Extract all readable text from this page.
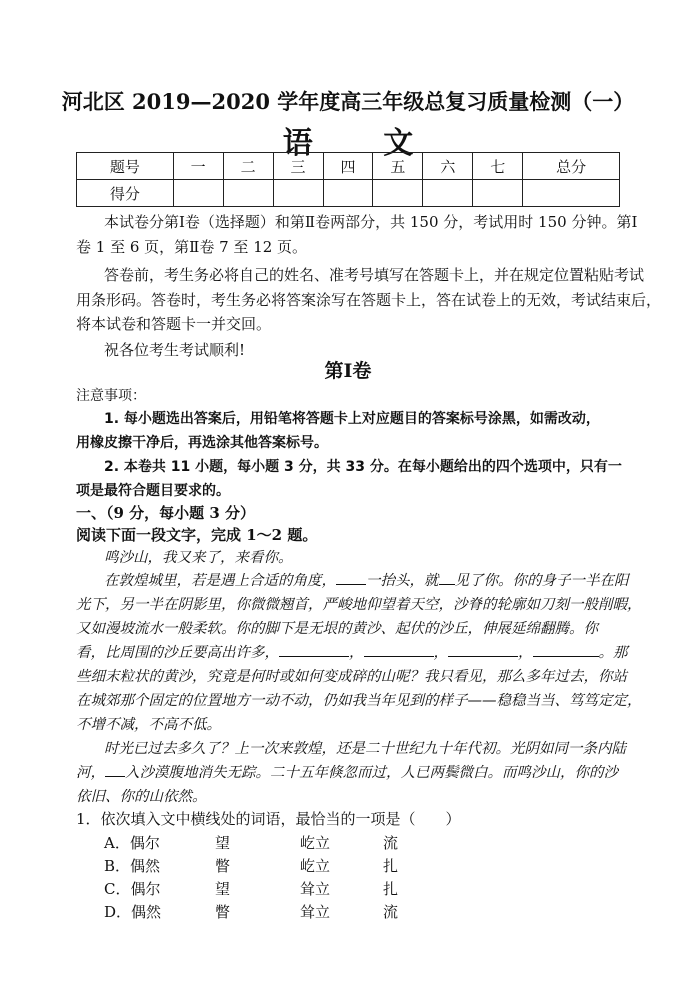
河北区 2019—2020 学年度高三年级总复习质量检测（一）
语 文
题号	一	二	三	四	五	六	七	总分
得分								
本试卷分第Ⅰ卷（选择题）和第Ⅱ卷两部分，共 150 分，考试用时 150 分钟。第Ⅰ
卷 1 至 6 页，第Ⅱ卷 7 至 12 页。
答卷前，考生务必将自己的姓名、准考号填写在答题卡上，并在规定位置粘贴考试
用条形码。答卷时，考生务必将答案涂写在答题卡上，答在试卷上的无效，考试结束后，
将本试卷和答题卡一并交回。
祝各位考生考试顺利!
第Ⅰ卷
注意事项：
1. 每小题选出答案后，用铅笔将答题卡上对应题目的答案标号涂黑，如需改动，
用橡皮擦干净后，再选涂其他答案标号。
2. 本卷共 11 小题，每小题 3 分，共 33 分。在每小题给出的四个选项中，只有一
项是最符合题目要求的。
一、（9 分，每小题 3 分）
阅读下面一段文字，完成 1～2 题。
鸣沙山，我又来了，来看你。
在敦煌城里，若是遇上合适的角度， 一抬头，就 见了你。你的身子一半在阳
光下，另一半在阴影里，你微微翘首，严峻地仰望着天空，沙脊的轮廓如刀刻一般削暇，
又如漫坡流水一般柔软。你的脚下是无垠的黄沙、起伏的沙丘，伸展延绵翻腾。你
看，比周围的沙丘要高出许多，	，	，	，	。那
些细末粒状的黄沙，究竟是何时或如何变成碎的山呢？我只看见，那么多年过去，你站
在城郊那个固定的位置地方一动不动，仍如我当年见到的样子——稳稳当当、笃笃定定，
不增不减，不高不低。
时光已过去多久了？上一次来敦煌，还是二十世纪九十年代初。光阴如同一条内陆
河， 入沙漠腹地消失无踪。二十五年倏忽而过，人已两鬓微白。而鸣沙山，你的沙
依旧、你的山依然。
1．依次填入文中横线处的词语，最恰当的一项是（　　）
A．偶尔	望	屹立	流
B．偶然	瞥	屹立	扎
C．偶尔	望	耸立	扎
D．偶然	瞥	耸立	流
